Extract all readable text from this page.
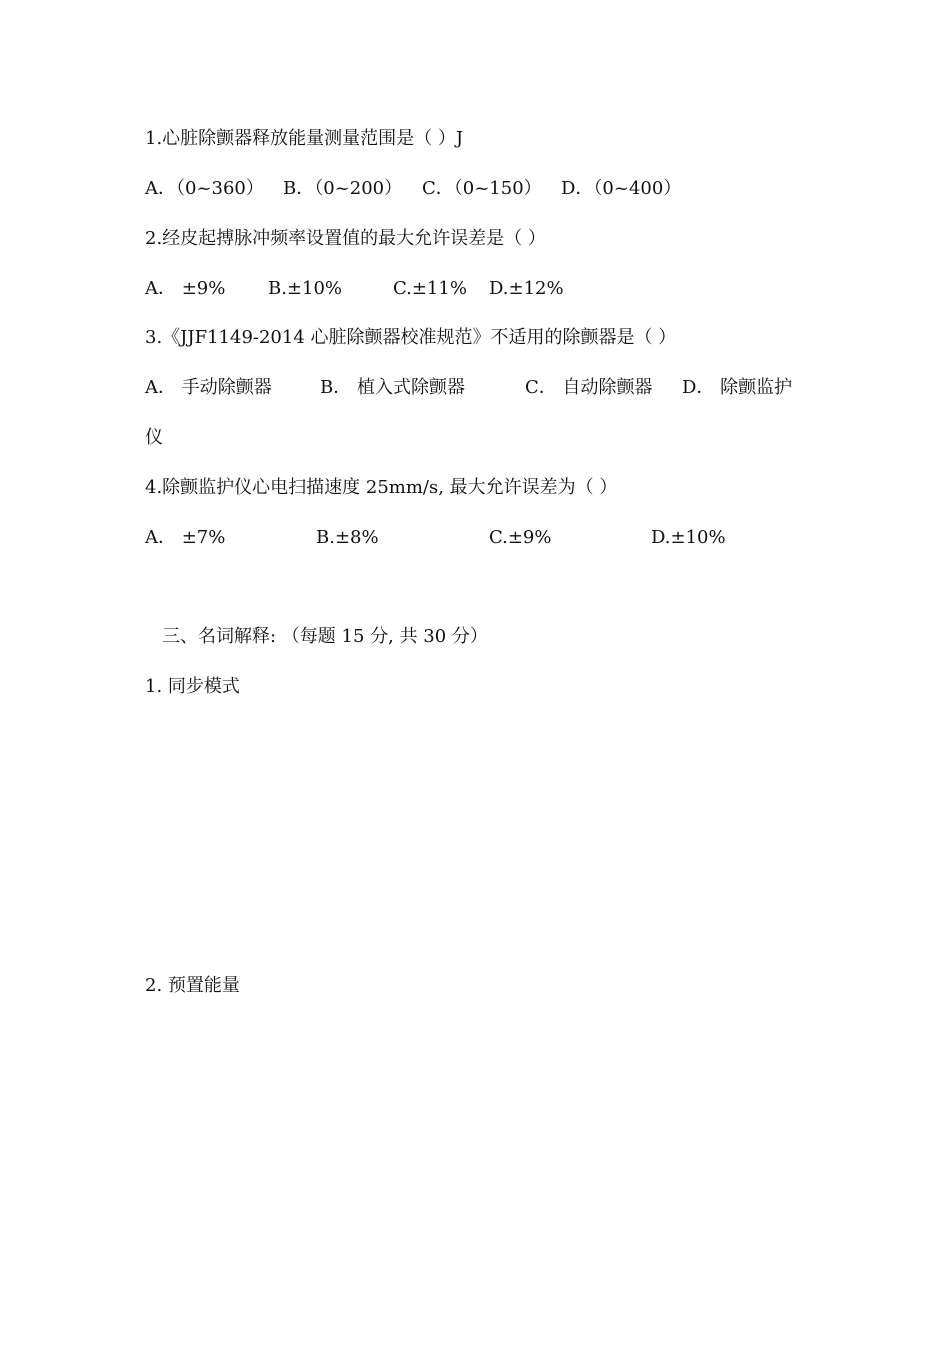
1.心脏除颤器释放能量测量范围是（ ）J
A．（0~360） B．（0~200） C．（0~150） D．（0~400）
2.经皮起搏脉冲频率设置值的最大允许误差是（ ）
A． ±9% B.±10%	C.±11% D.±12%
3.《JJF1149-2014 心脏除颤器校准规范》不适用的除颤器是（ ）
A． 手动除颤器	B． 植入式除颤器	C． 自动除颤器 D． 除颤监护
仪
4.除颤监护仪心电扫描速度 25mm/s, 最大允许误差为（ ）
A． ±7%	B.±8%	C.±9%	D.±10%
三、名词解释: （每题 15 分, 共 30 分）
1. 同步模式
2. 预置能量
